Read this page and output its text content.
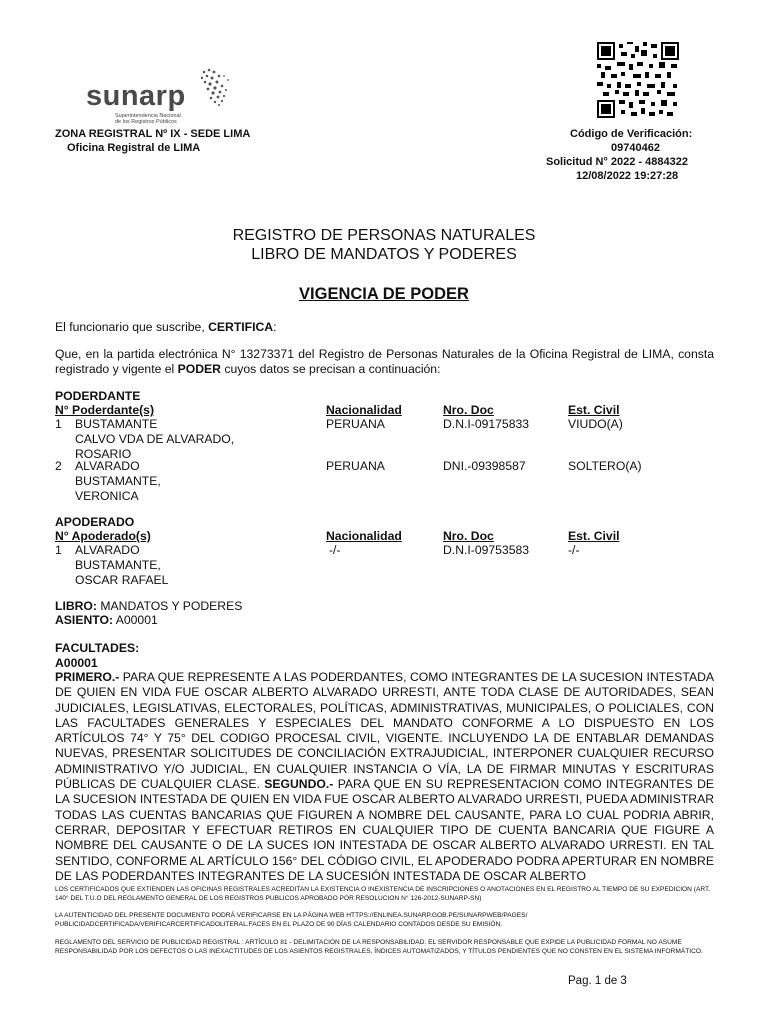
sunarp
Superintendencia Nacional
de los Registros Públicos
ZONA REGISTRAL Nº IX - SEDE LIMA
Oficina Registral de LIMA
Código de Verificación:
09740462
Solicitud N° 2022 - 4884322
12/08/2022 19:27:28
REGISTRO DE PERSONAS NATURALES
LIBRO DE MANDATOS Y PODERES
VIGENCIA DE PODER
El funcionario que suscribe, CERTIFICA:
Que, en la partida electrónica N° 13273371 del Registro de Personas Naturales de la Oficina Registral de LIMA, consta registrado y vigente el PODER cuyos datos se precisan a continuación:
PODERDANTE
N° Poderdante(s)	Nacionalidad	Nro. Doc	Est. Civil
1 BUSTAMANTE
CALVO VDA DE ALVARADO,
ROSARIO
PERUANA	D.N.I-09175833	VIUDO(A)
2 ALVARADO
BUSTAMANTE,
VERONICA
PERUANA	DNI.-09398587	SOLTERO(A)
APODERADO
N° Apoderado(s)	Nacionalidad	Nro. Doc	Est. Civil
1 ALVARADO
BUSTAMANTE,
OSCAR RAFAEL
-/-	D.N.I-09753583	-/-
LIBRO: MANDATOS Y PODERES
ASIENTO: A00001
FACULTADES:
A00001
PRIMERO.- PARA QUE REPRESENTE A LAS PODERDANTES, COMO INTEGRANTES DE LA SUCESION INTESTADA DE QUIEN EN VIDA FUE OSCAR ALBERTO ALVARADO URRESTI, ANTE TODA CLASE DE AUTORIDADES, SEAN JUDICIALES, LEGISLATIVAS, ELECTORALES, POLÍTICAS, ADMINISTRATIVAS, MUNICIPALES, O POLICIALES, CON LAS FACULTADES GENERALES Y ESPECIALES DEL MANDATO CONFORME A LO DISPUESTO EN LOS ARTÍCULOS 74° Y 75° DEL CODIGO PROCESAL CIVIL, VIGENTE. INCLUYENDO LA DE ENTABLAR DEMANDAS NUEVAS, PRESENTAR SOLICITUDES DE CONCILIACIÓN EXTRAJUDICIAL, INTERPONER CUALQUIER RECURSO ADMINISTRATIVO Y/O JUDICIAL, EN CUALQUIER INSTANCIA O VÍA, LA DE FIRMAR MINUTAS Y ESCRITURAS PÚBLICAS DE CUALQUIER CLASE. SEGUNDO.- PARA QUE EN SU REPRESENTACION COMO INTEGRANTES DE LA SUCESION INTESTADA DE QUIEN EN VIDA FUE OSCAR ALBERTO ALVARADO URRESTI, PUEDA ADMINISTRAR TODAS LAS CUENTAS BANCARIAS QUE FIGUREN A NOMBRE DEL CAUSANTE, PARA LO CUAL PODRIA ABRIR, CERRAR, DEPOSITAR Y EFECTUAR RETIROS EN CUALQUIER TIPO DE CUENTA BANCARIA QUE FIGURE A NOMBRE DEL CAUSANTE O DE LA SUCES ION INTESTADA DE OSCAR ALBERTO ALVARADO URRESTI. EN TAL SENTIDO, CONFORME AL ARTÍCULO 156° DEL CÓDIGO CIVIL, EL APODERADO PODRA APERTURAR EN NOMBRE DE LAS PODERDANTES INTEGRANTES DE LA SUCESIÓN INTESTADA DE OSCAR ALBERTO
LOS CERTIFICADOS QUE EXTIENDEN LAS OFICINAS REGISTRALES ACREDITAN LA EXISTENCIA O INEXISTENCIA DE INSCRIPCIONES O ANOTACIONES EN EL REGISTRO AL TIEMPO DE SU EXPEDICION (ART. 140° DEL T.U.O DEL REGLAMENTO GENERAL DE LOS REGISTROS PUBLICOS APROBADO POR RESOLUCION N° 126-2012-SUNARP-SN)
LA AUTENTICIDAD DEL PRESENTE DOCUMENTO PODRÁ VERIFICARSE EN LA PÁGINA WEB HTTPS://ENLINEA.SUNARP.GOB.PE/SUNARPWEB/PAGES/ PUBLICIDADCERTIFICADA/VERIFICARCERTIFICADOLITERAL.FACES EN EL PLAZO DE 90 DÍAS CALENDARIO CONTADOS DESDE SU EMISIÓN.
REGLAMENTO DEL SERVICIO DE PUBLICIDAD REGISTRAL : ARTÍCULO 81 - DELIMITACIÓN DE LA RESPONSABILIDAD. EL SERVIDOR RESPONSABLE QUE EXPIDE LA PUBLICIDAD FORMAL NO ASUME RESPONSABILIDAD POR LOS DEFECTOS O LAS INEXACTITUDES DE LOS ASIENTOS REGISTRALES, ÍNDICES AUTOMATIZADOS, Y TÍTULOS PENDIENTES QUE NO CONSTEN EN EL SISTEMA INFORMÁTICO.
Pag. 1 de 3
